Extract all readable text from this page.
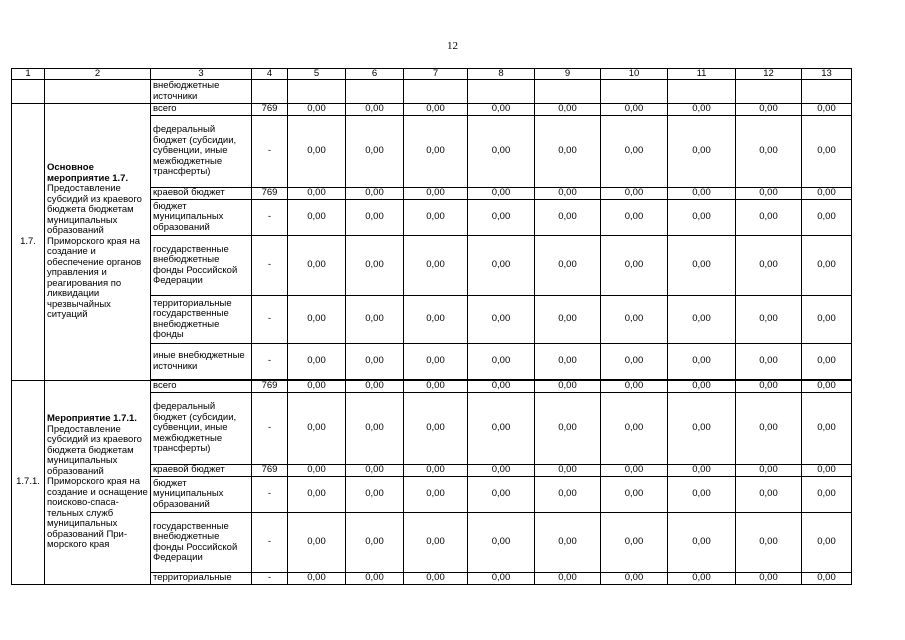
12
1	2	3	4	5	6	7	8	9	10	11	12	13
		внебюджетные источники										
1.7.	Основное мероприятие 1.7. Предоставление субсидий из краевого бюджета бюджетам муниципальных образований Приморского края на создание и обеспечение органов управления и реагирования по ликвидации чрезвычайных ситуаций	всего	769	0,00	0,00	0,00	0,00	0,00	0,00	0,00	0,00	0,00
		федеральный бюджет (субсидии, субвенции, иные межбюджетные трансферты)	-	0,00	0,00	0,00	0,00	0,00	0,00	0,00	0,00	0,00
		краевой бюджет	769	0,00	0,00	0,00	0,00	0,00	0,00	0,00	0,00	0,00
		бюджет муниципальных образований	-	0,00	0,00	0,00	0,00	0,00	0,00	0,00	0,00	0,00
		государственные внебюджетные фонды Российской Федерации	-	0,00	0,00	0,00	0,00	0,00	0,00	0,00	0,00	0,00
		территориальные государственные внебюджетные фонды	-	0,00	0,00	0,00	0,00	0,00	0,00	0,00	0,00	0,00
		иные внебюджетные источники	-	0,00	0,00	0,00	0,00	0,00	0,00	0,00	0,00	0,00

1.7.1.	Мероприятие 1.7.1. Предоставление субсидий из краевого бюджета бюджетам муниципальных образований Приморского края на создание и оснащение поисково-спаса-тельных служб муниципальных образований При-морского края	всего	769	0,00	0,00	0,00	0,00	0,00	0,00	0,00	0,00	0,00
		федеральный бюджет (субсидии, субвенции, иные межбюджетные трансферты)	-	0,00	0,00	0,00	0,00	0,00	0,00	0,00	0,00	0,00
		краевой бюджет	769	0,00	0,00	0,00	0,00	0,00	0,00	0,00	0,00	0,00
		бюджет муниципальных образований	-	0,00	0,00	0,00	0,00	0,00	0,00	0,00	0,00	0,00
		государственные внебюджетные фонды Российской Федерации	-	0,00	0,00	0,00	0,00	0,00	0,00	0,00	0,00	0,00
		территориальные	-	0,00	0,00	0,00	0,00	0,00	0,00	0,00	0,00	0,00
